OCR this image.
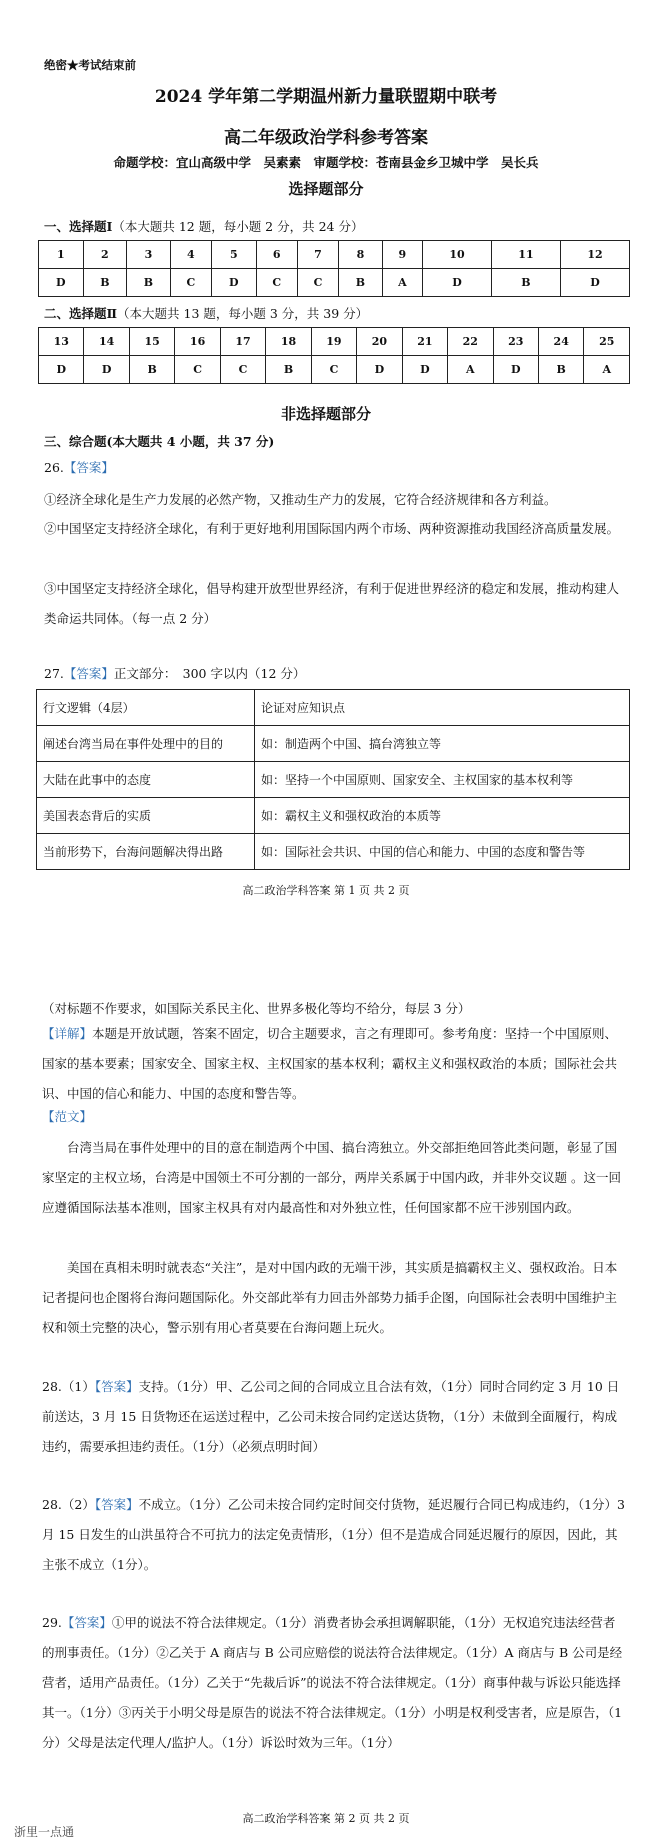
绝密★考试结束前
2024 学年第二学期温州新力量联盟期中联考
高二年级政治学科参考答案
命题学校：宜山高级中学　吴素素　审题学校：苍南县金乡卫城中学　吴长兵
选择题部分
一、选择题Ⅰ（本大题共 12 题，每小题 2 分，共 24 分）
1	2	3	4	5	6	7	8	9	10	11	12
D	B	B	C	D	C	C	B	A	D	B	D
二、选择题Ⅱ（本大题共 13 题，每小题 3 分，共 39 分）
13	14	15	16	17	18	19	20	21	22	23	24	25
D	D	B	C	C	B	C	D	D	A	D	B	A
非选择题部分
三、综合题(本大题共 4 小题，共 37 分)
26.【答案】
①经济全球化是生产力发展的必然产物，又推动生产力的发展，它符合经济规律和各方利益。
②中国坚定支持经济全球化，有利于更好地利用国际国内两个市场、两种资源推动我国经济高质量发展。
③中国坚定支持经济全球化，倡导构建开放型世界经济，有利于促进世界经济的稳定和发展，推动构建人类命运共同体。（每一点 2 分）
27.【答案】正文部分：　300 字以内（12 分）
行文逻辑（4层）	论证对应知识点
阐述台湾当局在事件处理中的目的	如：制造两个中国、搞台湾独立等
大陆在此事中的态度	如：坚持一个中国原则、国家安全、主权国家的基本权利等
美国表态背后的实质	如：霸权主义和强权政治的本质等
当前形势下，台海问题解决得出路	如：国际社会共识、中国的信心和能力、中国的态度和警告等
高二政治学科答案 第 1 页 共 2 页
（对标题不作要求，如国际关系民主化、世界多极化等均不给分，每层 3 分）
【详解】本题是开放试题，答案不固定，切合主题要求，言之有理即可。参考角度：坚持一个中国原则、国家的基本要素；国家安全、国家主权、主权国家的基本权利；霸权主义和强权政治的本质；国际社会共识、中国的信心和能力、中国的态度和警告等。
【范文】
台湾当局在事件处理中的目的意在制造两个中国、搞台湾独立。外交部拒绝回答此类问题，彰显了国家坚定的主权立场，台湾是中国领土不可分割的一部分，两岸关系属于中国内政，并非外交议题 。这一回应遵循国际法基本准则，国家主权具有对内最高性和对外独立性，任何国家都不应干涉别国内政。
美国在真相未明时就表态“关注”，是对中国内政的无端干涉，其实质是搞霸权主义、强权政治。日本记者提问也企图将台海问题国际化。外交部此举有力回击外部势力插手企图，向国际社会表明中国维护主权和领土完整的决心，警示别有用心者莫要在台海问题上玩火。
28.（1）【答案】支持。（1分）甲、乙公司之间的合同成立且合法有效，（1分）同时合同约定 3 月 10 日前送达，3 月 15 日货物还在运送过程中，乙公司未按合同约定送达货物，（1分）未做到全面履行，构成违约，需要承担违约责任。（1分）（必须点明时间）
28.（2）【答案】不成立。（1分）乙公司未按合同约定时间交付货物，延迟履行合同已构成违约，（1分）3 月 15 日发生的山洪虽符合不可抗力的法定免责情形，（1分）但不是造成合同延迟履行的原因，因此，其主张不成立（1分）。
29.【答案】①甲的说法不符合法律规定。（1分）消费者协会承担调解职能，（1分）无权追究违法经营者的刑事责任。（1分）②乙关于 A 商店与 B 公司应赔偿的说法符合法律规定。（1分）A 商店与 B 公司是经营者，适用产品责任。（1分）乙关于“先裁后诉”的说法不符合法律规定。（1分）商事仲裁与诉讼只能选择其一。（1分）③丙关于小明父母是原告的说法不符合法律规定。（1分）小明是权利受害者，应是原告，（1分）父母是法定代理人/监护人。（1分）诉讼时效为三年。（1分）
高二政治学科答案 第 2 页 共 2 页
浙里一点通
